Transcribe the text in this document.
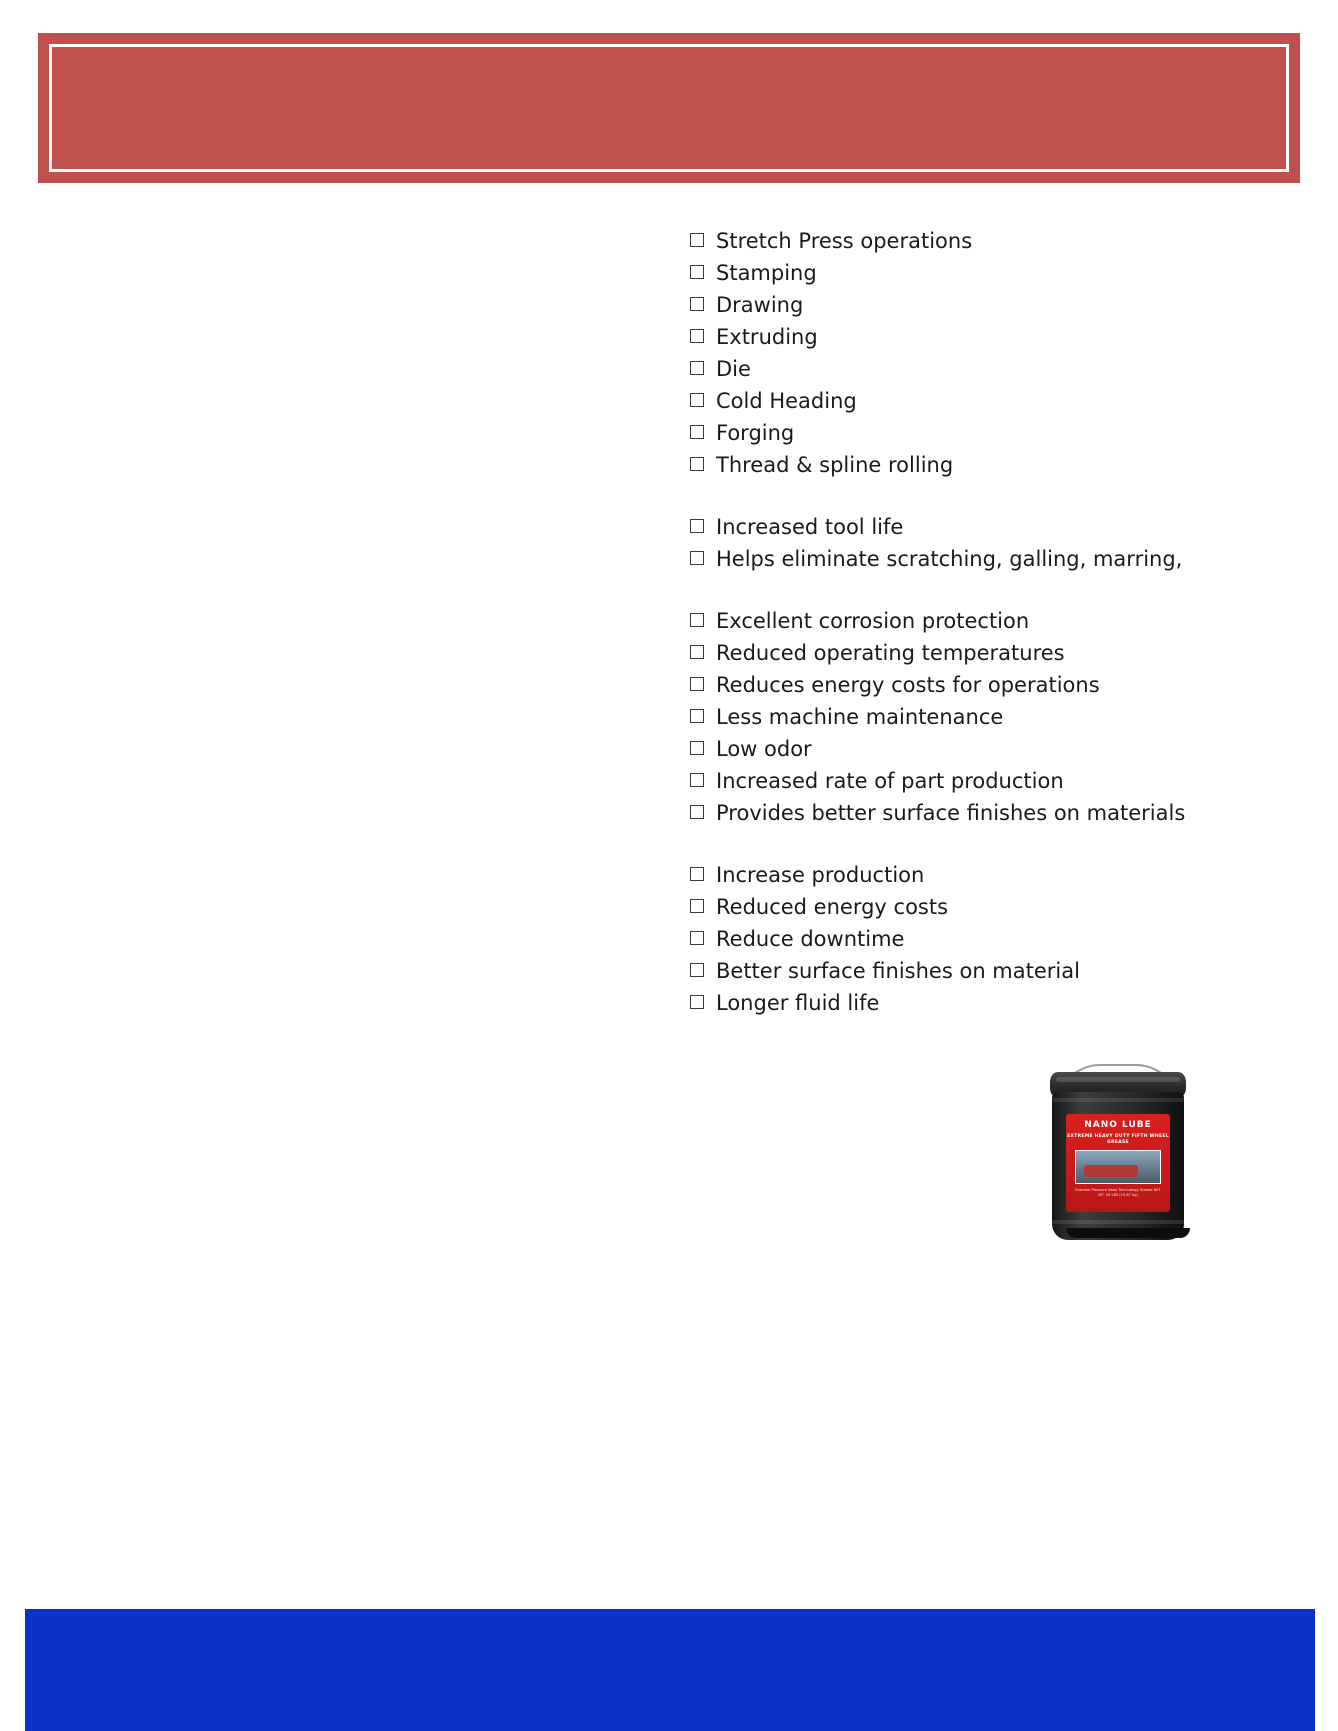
Stretch Press operations
Stamping
Drawing
Extruding
Die
Cold Heading
Forging
Thread & spline rolling
Increased tool life
Helps eliminate scratching, galling, marring,
Excellent corrosion protection
Reduced operating temperatures
Reduces energy costs for operations
Less machine maintenance
Low odor
Increased rate of part production
Provides better surface finishes on materials
Increase production
Reduced energy costs
Reduce downtime
Better surface finishes on material
Longer fluid life
NANO LUBE
EXTREME HEAVY DUTY FIFTH WHEEL GREASE
Extreme Pressure Nano Technology Grease NET WT. 35 LBS (15.87 kg)
